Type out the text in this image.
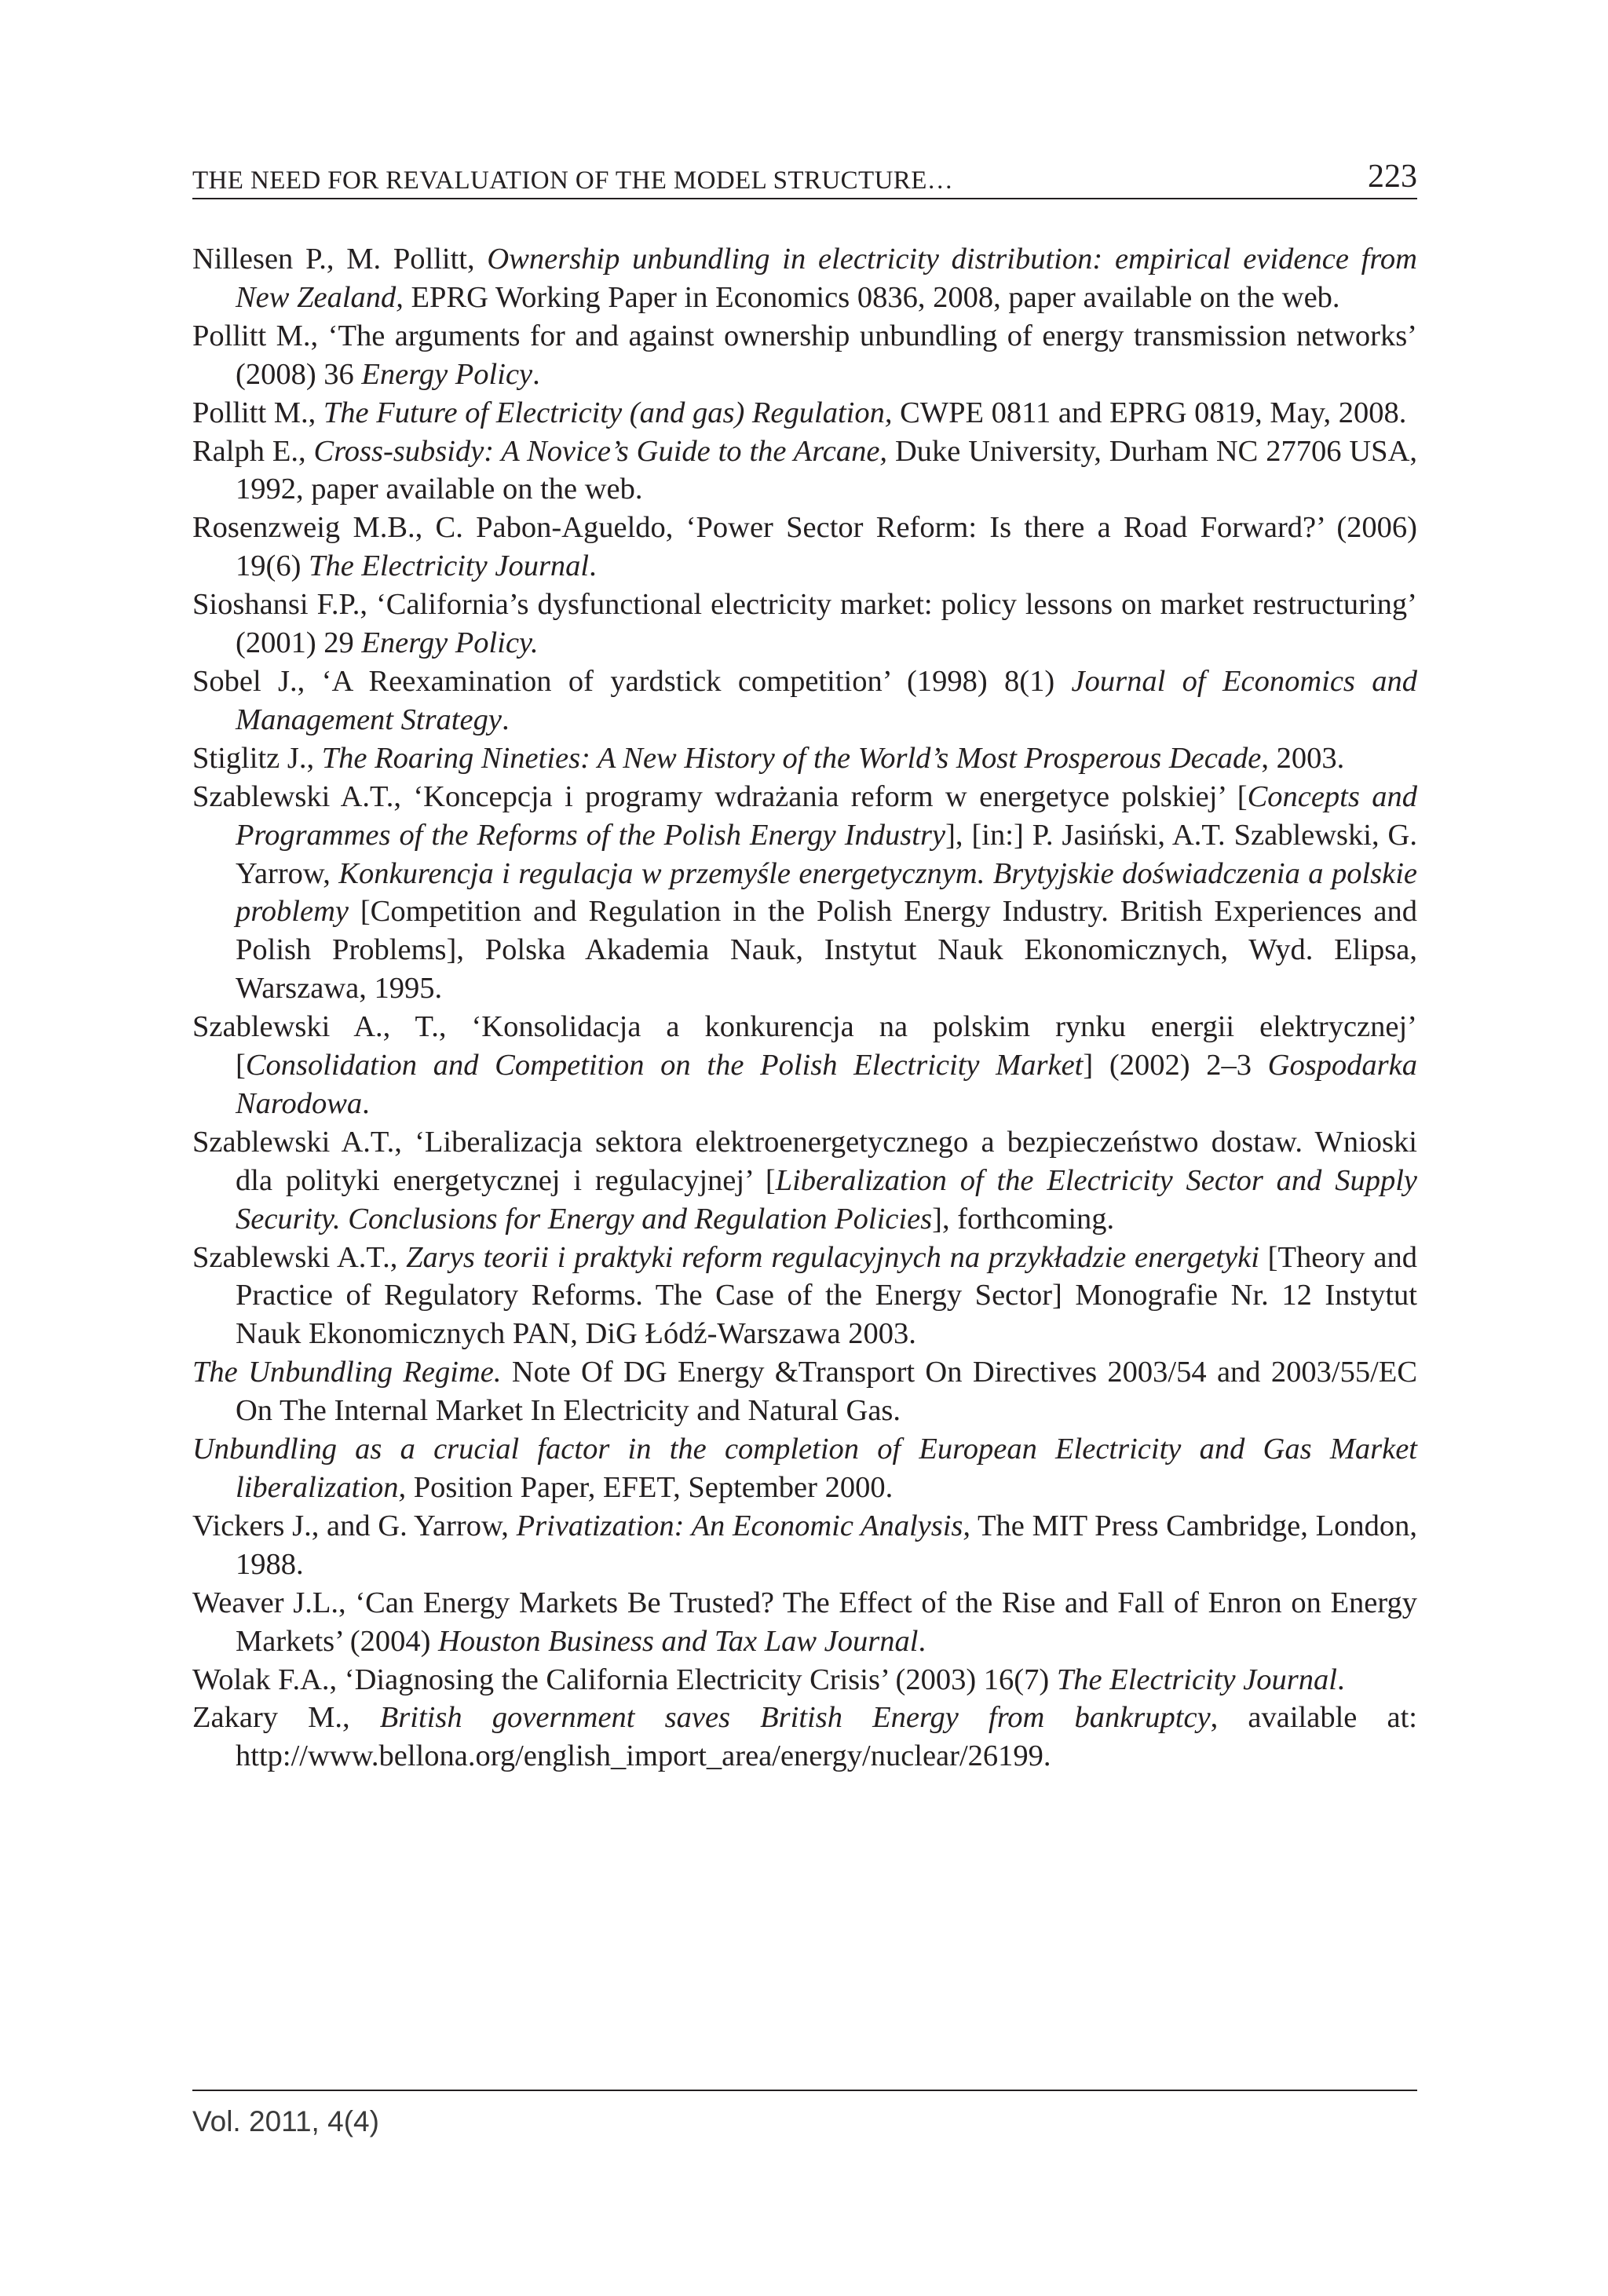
THE NEED FOR REVALUATION OF THE MODEL STRUCTURE…	223
Nillesen P., M. Pollitt, Ownership unbundling in electricity distribution: empirical evidence from New Zealand, EPRG Working Paper in Economics 0836, 2008, paper available on the web.
Pollitt M., ‘The arguments for and against ownership unbundling of energy transmission networks’ (2008) 36 Energy Policy.
Pollitt M., The Future of Electricity (and gas) Regulation, CWPE 0811 and EPRG 0819, May, 2008.
Ralph E., Cross-subsidy: A Novice’s Guide to the Arcane, Duke University, Durham NC 27706 USA, 1992, paper available on the web.
Rosenzweig M.B., C. Pabon-Agueldo, ‘Power Sector Reform: Is there a Road Forward?’ (2006) 19(6) The Electricity Journal.
Sioshansi F.P., ‘California’s dysfunctional electricity market: policy lessons on market restructuring’ (2001) 29 Energy Policy.
Sobel J., ‘A Reexamination of yardstick competition’ (1998) 8(1) Journal of Economics and Management Strategy.
Stiglitz J., The Roaring Nineties: A New History of the World’s Most Prosperous Decade, 2003.
Szablewski A.T., ‘Koncepcja i programy wdrażania reform w energetyce polskiej’ [Concepts and Programmes of the Reforms of the Polish Energy Industry], [in:] P. Jasiński, A.T. Szablewski, G. Yarrow, Konkurencja i regulacja w przemyśle energetycznym. Brytyjskie doświadczenia a polskie problemy [Competition and Regulation in the Polish Energy Industry. British Experiences and Polish Problems], Polska Akademia Nauk, Instytut Nauk Ekonomicznych, Wyd. Elipsa, Warszawa, 1995.
Szablewski A., T., ‘Konsolidacja a konkurencja na polskim rynku energii elektrycznej’ [Consolidation and Competition on the Polish Electricity Market] (2002) 2–3 Gospodarka Narodowa.
Szablewski A.T., ‘Liberalizacja sektora elektroenergetycznego a bezpieczeństwo dostaw. Wnioski dla polityki energetycznej i regulacyjnej’ [Liberalization of the Electricity Sector and Supply Security. Conclusions for Energy and Regulation Policies], forthcoming.
Szablewski A.T., Zarys teorii i praktyki reform regulacyjnych na przykładzie energetyki [Theory and Practice of Regulatory Reforms. The Case of the Energy Sector] Monografie Nr. 12 Instytut Nauk Ekonomicznych PAN, DiG Łódź-Warszawa 2003.
The Unbundling Regime. Note Of DG Energy &Transport On Directives 2003/54 and 2003/55/EC On The Internal Market In Electricity and Natural Gas.
Unbundling as a crucial factor in the completion of European Electricity and Gas Market liberalization, Position Paper, EFET, September 2000.
Vickers J., and G. Yarrow, Privatization: An Economic Analysis, The MIT Press Cambridge, London, 1988.
Weaver J.L., ‘Can Energy Markets Be Trusted? The Effect of the Rise and Fall of Enron on Energy Markets’ (2004) Houston Business and Tax Law Journal.
Wolak F.A., ‘Diagnosing the California Electricity Crisis’ (2003) 16(7) The Electricity Journal.
Zakary M., British government saves British Energy from bankruptcy, available at: http://www.bellona.org/english_import_area/energy/nuclear/26199.
Vol. 2011, 4(4)
